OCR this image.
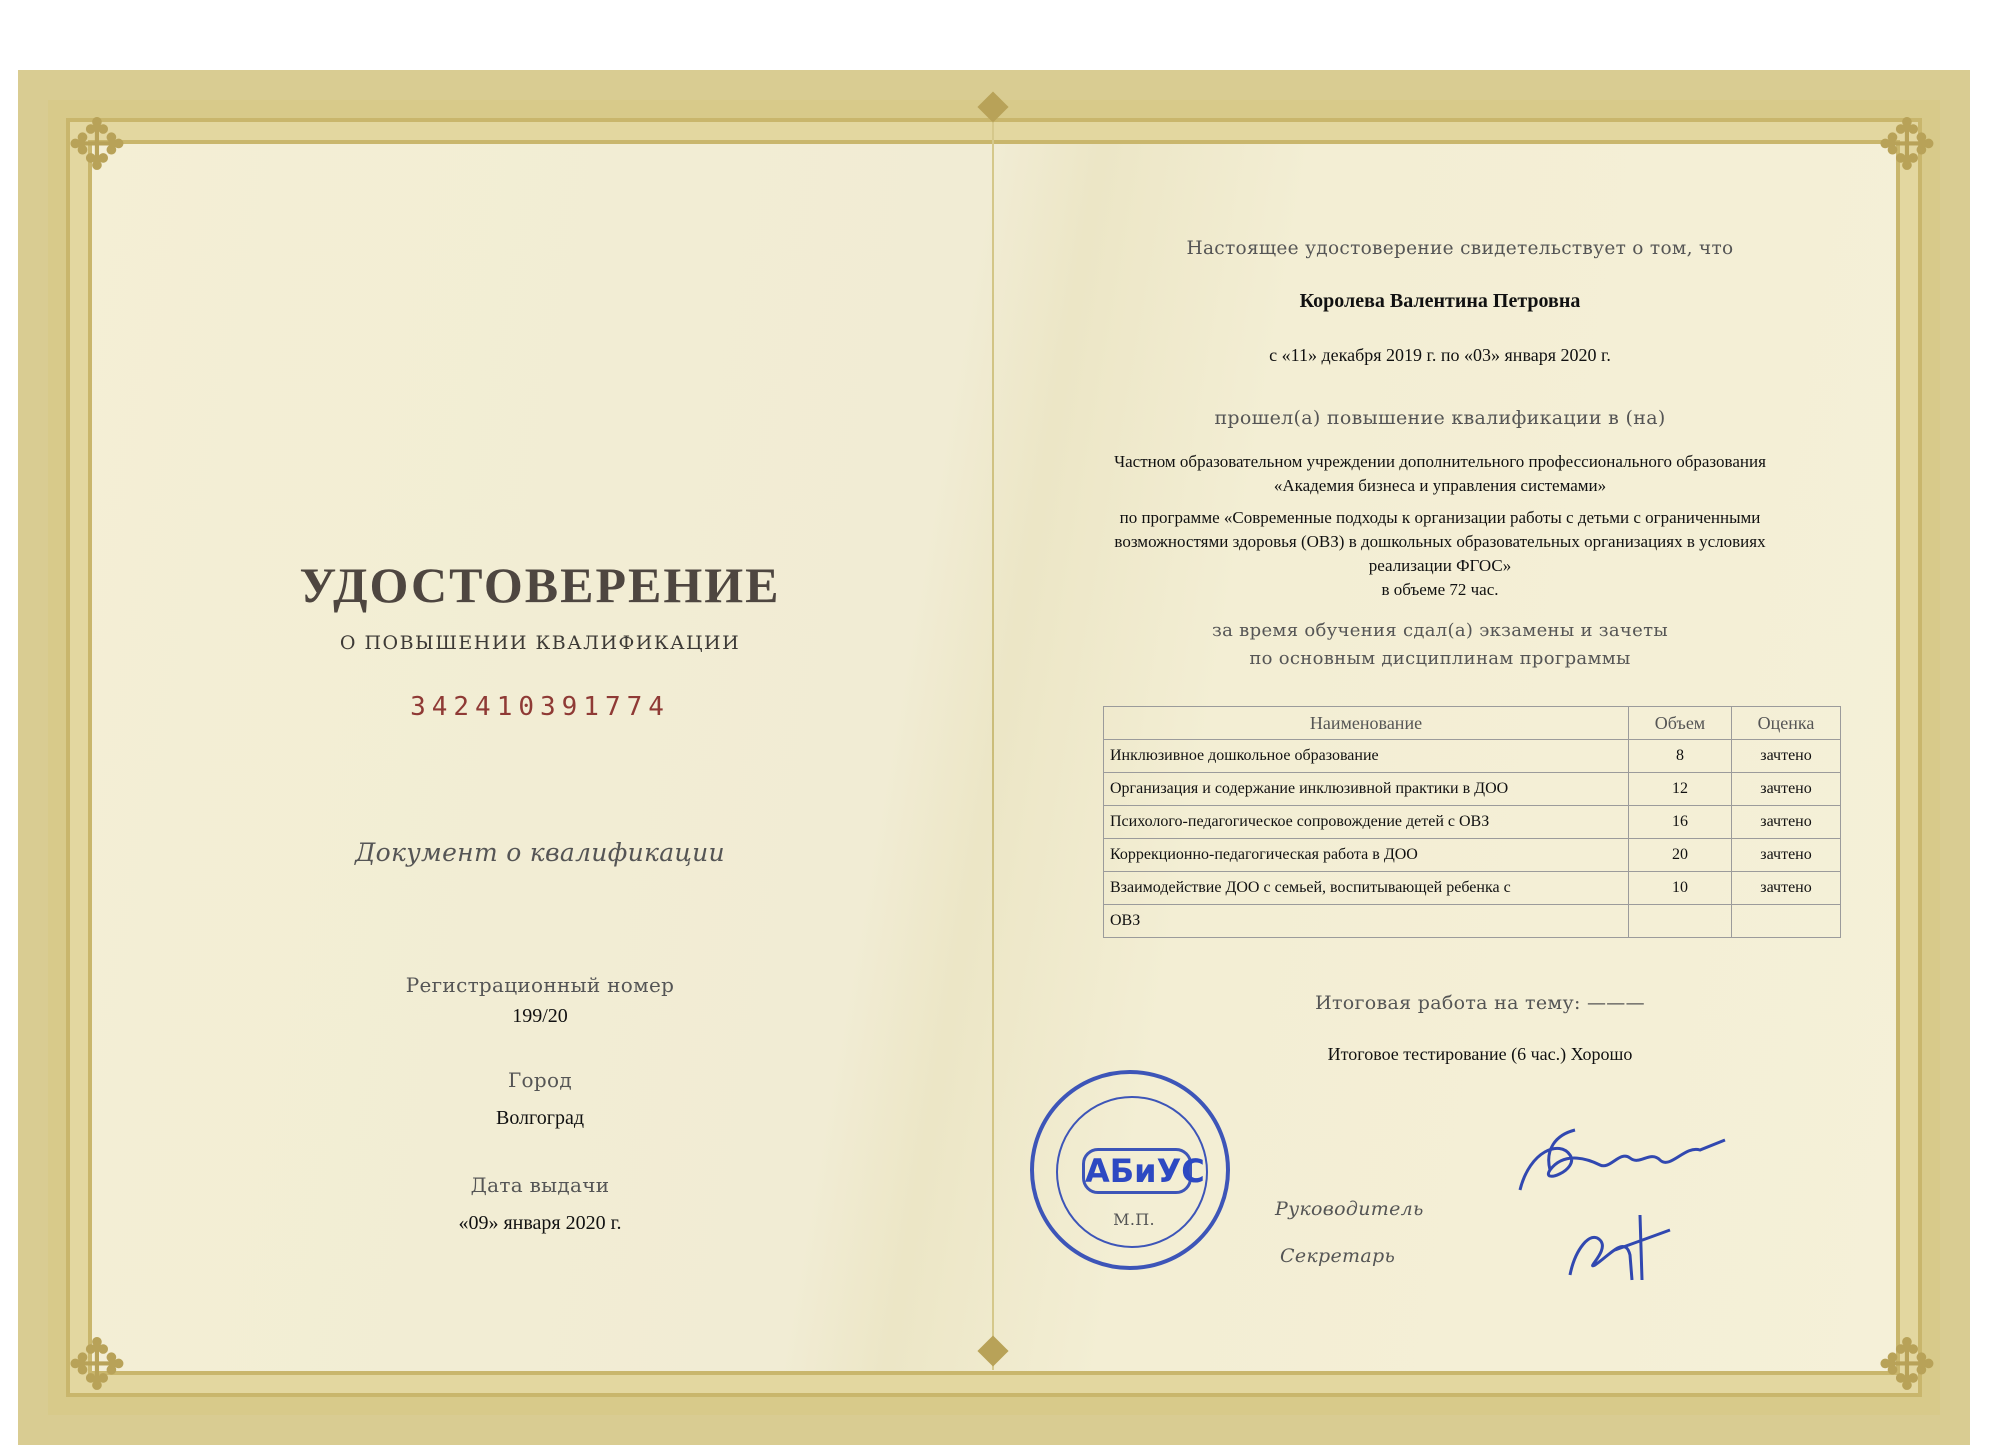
✥	✥
✥	✥
УДОСТОВЕРЕНИЕ
О ПОВЫШЕНИИ КВАЛИФИКАЦИИ
342410391774
Документ о квалификации
Регистрационный номер
199/20
Город
Волгоград
Дата выдачи
«09» января 2020 г.
Настоящее удостоверение свидетельствует о том, что
Королева Валентина Петровна
с «11» декабря 2019 г. по «03» января 2020 г.
прошел(а) повышение квалификации в (на)
Частном образовательном учреждении дополнительного профессионального образования
«Академия бизнеса и управления системами»
по программе «Современные подходы к организации работы с детьми с ограниченными
возможностями здоровья (ОВЗ) в дошкольных образовательных организациях в условиях
реализации ФГОС»
в объеме 72 час.
за время обучения сдал(а) экзамены и зачеты
по основным дисциплинам программы
Наименование	Объем	Оценка
Инклюзивное дошкольное образование	8	зачтено
Организация и содержание инклюзивной практики в ДОО	12	зачтено
Психолого-педагогическое сопровождение детей с ОВЗ	16	зачтено
Коррекционно-педагогическая работа в ДОО	20	зачтено
Взаимодействие ДОО с семьей, воспитывающей ребенка с	10	зачтено
ОВЗ		
Итоговая работа на тему: ———
Итоговое тестирование (6 час.) Хорошо
М.П.
АБиУС
Руководитель
Секретарь
